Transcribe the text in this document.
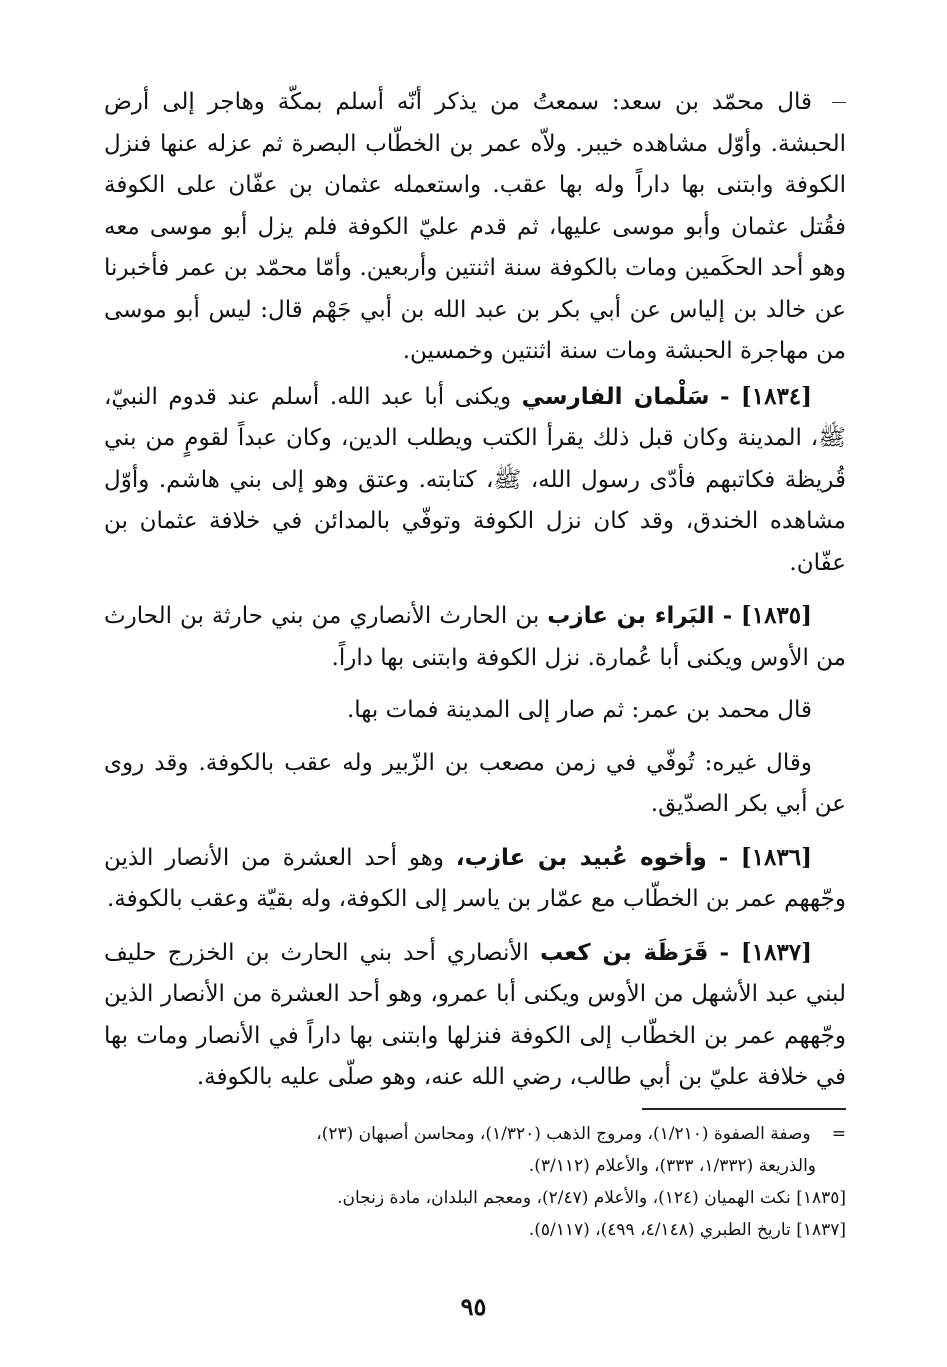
قال محمّد بن سعد: سمعتُ من يذكر أنّه أسلم بمكّة وهاجر إلى أرض الحبشة. وأوّل مشاهده خيبر. ولاّه عمر بن الخطّاب البصرة ثم عزله عنها فنزل الكوفة وابتنى بها داراً وله بها عقب. واستعمله عثمان بن عفّان على الكوفة فقُتل عثمان وأبو موسى عليها، ثم قدم عليّ الكوفة فلم يزل أبو موسى معه وهو أحد الحكَمين ومات بالكوفة سنة اثنتين وأربعين. وأمّا محمّد بن عمر فأخبرنا عن خالد بن إلياس عن أبي بكر بن عبد الله بن أبي جَهْم قال: ليس أبو موسى من مهاجرة الحبشة ومات سنة اثنتين وخمسين.

[١٨٣٤] - سَلْمان الفارسي ويكنى أبا عبد الله. أسلم عند قدوم النبيّ، ﷺ، المدينة وكان قبل ذلك يقرأ الكتب ويطلب الدين، وكان عبداً لقومٍ من بني قُريظة فكاتبهم فأدّى رسول الله، ﷺ، كتابته. وعتق وهو إلى بني هاشم. وأوّل مشاهده الخندق، وقد كان نزل الكوفة وتوفّي بالمدائن في خلافة عثمان بن عفّان.

[١٨٣٥] - البَراء بن عازب بن الحارث الأنصاري من بني حارثة بن الحارث من الأوس ويكنى أبا عُمارة. نزل الكوفة وابتنى بها داراً.

قال محمد بن عمر: ثم صار إلى المدينة فمات بها.

وقال غيره: تُوفّي في زمن مصعب بن الزّبير وله عقب بالكوفة. وقد روى عن أبي بكر الصدّيق.

[١٨٣٦] - وأخوه عُبيد بن عازب، وهو أحد العشرة من الأنصار الذين وجّههم عمر بن الخطّاب مع عمّار بن ياسر إلى الكوفة، وله بقيّة وعقب بالكوفة.

[١٨٣٧] - قَرَظَة بن كعب الأنصاري أحد بني الحارث بن الخزرج حليف لبني عبد الأشهل من الأوس ويكنى أبا عمرو، وهو أحد العشرة من الأنصار الذين وجّههم عمر بن الخطّاب إلى الكوفة فنزلها وابتنى بها داراً في الأنصار ومات بها في خلافة عليّ بن أبي طالب، رضي الله عنه، وهو صلّى عليه بالكوفة.

= وصفة الصفوة (١/٢١٠)، ومروج الذهب (١/٣٢٠)، ومحاسن أصبهان (٢٣)،
والذريعة (١/٣٣٢، ٣٣٣)، والأعلام (٣/١١٢).

[١٨٣٥] نكت الهميان (١٢٤)، والأعلام (٢/٤٧)، ومعجم البلدان، مادة زنجان.

[١٨٣٧] تاريخ الطبري (٤/١٤٨، ٤٩٩)، (٥/١١٧).

٩٥
